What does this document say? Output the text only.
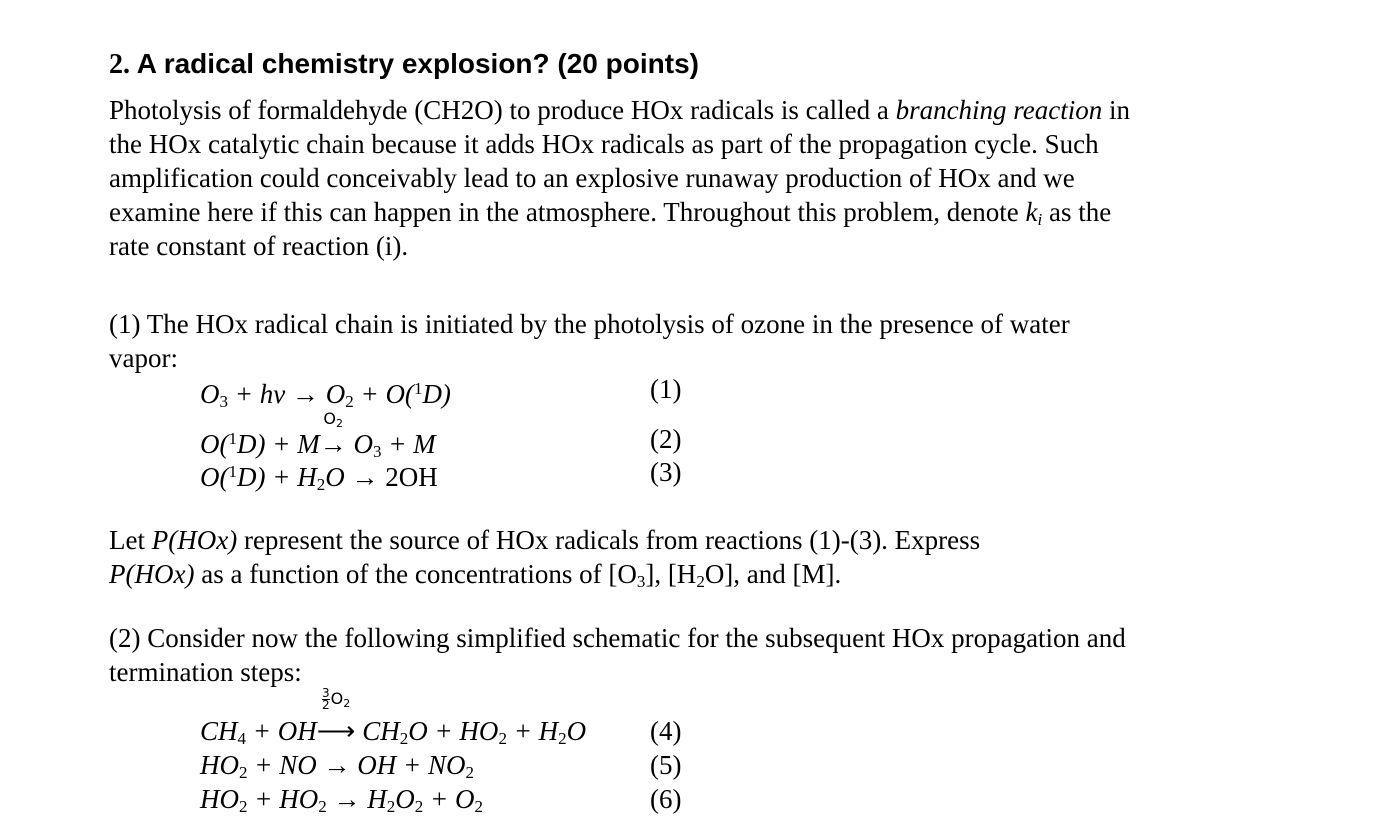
2. A radical chemistry explosion? (20 points)
Photolysis of formaldehyde (CH2O) to produce HOx radicals is called a branching reaction in
the HOx catalytic chain because it adds HOx radicals as part of the propagation cycle. Such
amplification could conceivably lead to an explosive runaway production of HOx and we
examine here if this can happen in the atmosphere. Throughout this problem, denote $k_i$ as the
rate constant of reaction (i).
(1) The HOx radical chain is initiated by the photolysis of ozone in the presence of water
vapor:
$O_3$ + hv → $O_2 + O(^1D)$	(1)
O($^1$D) + M
O2
→ $O_3 + M$	(2)
$O(^1D) + H_2O \to 2OH$	(3)
Let P(HOx) represent the source of HOx radicals from reactions (1)-(3). Express
P(HOx) as a function of the concentrations of $[O_3]$, $[H_2O]$, and [M].
(2) Consider now the following simplified schematic for the subsequent HOx propagation and
termination steps:
$CH_4$ + OH
$\frac{3}{2} O2$
⟶ $CH_2O + HO_2 + H_2O$ (4)
$HO_2$ + NO → OH + $NO_2$	(5)
$HO_2 + HO_2 \to H_2O_2 + O_2$	(6)
